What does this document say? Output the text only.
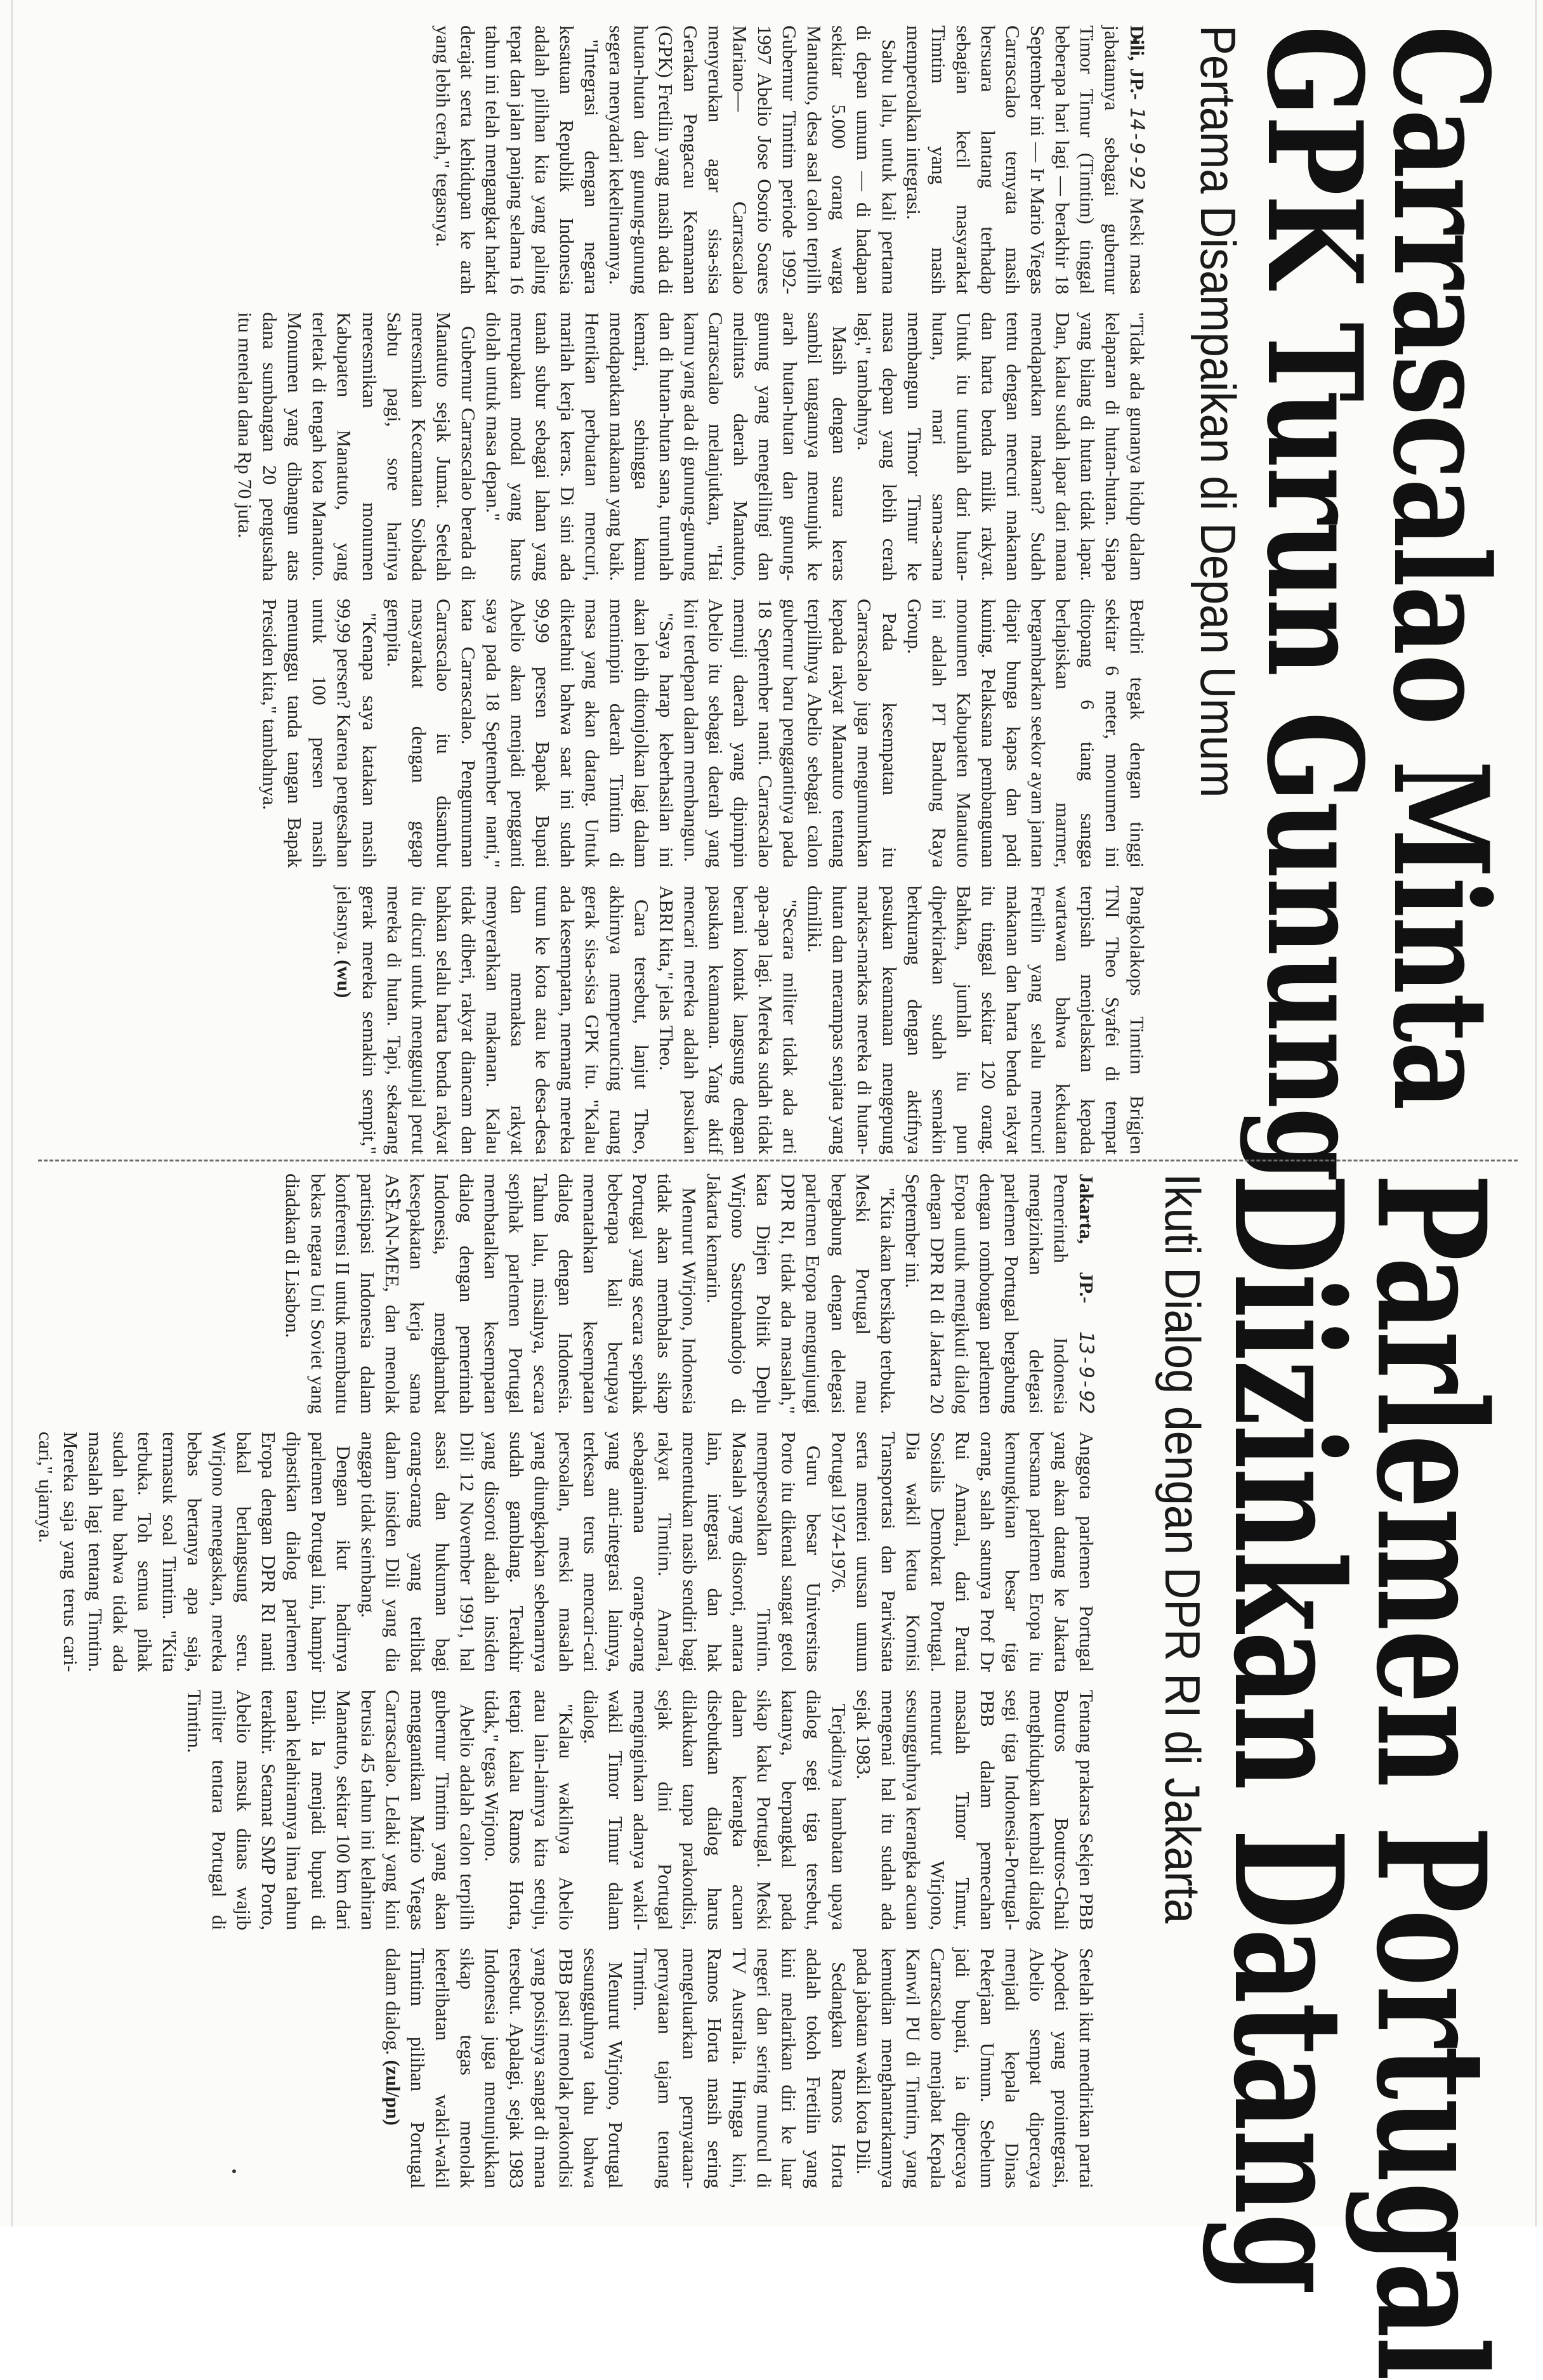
Carrascalao Minta
GPK Turun Gunung
Pertama Disampaikan di Depan Umum

Dili, JP.- 14-9-92 Meski masa jabatannya sebagai gubernur Timor Timur (Timtim) tinggal beberapa hari lagi — berakhir 18 September ini — Ir Mario Viegas Carrascalao ternyata masih bersuara lantang terhadap sebagian kecil masyarakat Timtim yang masih memperoalkan integrasi.

Sabtu lalu, untuk kali pertama di depan umum — di hadapan sekitar 5.000 orang warga Manatuto, desa asal calon terpilih Gubernur Timtim periode 1992-1997 Abelio Jose Osorio Soares Mariano— Carrascalao menyerukan agar sisa-sisa Gerakan Pengacau Keamanan (GPK) Fretilin yang masih ada di hutan-hutan dan gunung-gunung segera menyadari kekeliruannya.

"Integrasi dengan negara kesatuan Republik Indonesia adalah pilihan kita yang paling tepat dan jalan panjang selama 16 tahun ini telah mengangkat harkat derajat serta kehidupan ke arah yang lebih cerah," tegasnya.

"Tidak ada gunanya hidup dalam kelaparan di hutan-hutan. Siapa yang bilang di hutan tidak lapar. Dan, kalau sudah lapar dari mana mendapatkan makanan? Sudah tentu dengan mencuri makanan dan harta benda milik rakyat. Untuk itu turunlah dari hutan-hutan, mari sama-sama membangun Timor Timur ke masa depan yang lebih cerah lagi," tambahnya.

Masih dengan suara keras sambil tangannya menunjuk ke arah hutan-hutan dan gunung-gunung yang mengelilingi dan melintas daerah Manatuto, Carrascalao melanjutkan, "Hai kamu yang ada di gunung-gunung dan di hutan-hutan sana, turunlah kemari, sehingga kamu mendapatkan makanan yang baik. Hentikan perbuatan mencuri, marilah kerja keras. Di sini ada tanah subur sebagai lahan yang merupakan modal yang harus diolah untuk masa depan."

Gubernur Carrascalao berada di Manatuto sejak Jumat. Setelah meresmikan Kecamatan Soibada Sabtu pagi, sore harinya meresmikan monumen Kabupaten Manatuto, yang terletak di tengah kota Manatuto. Monumen yang dibangun atas dana sumbangan 20 pengusaha itu menelan dana Rp 70 juta.

Berdiri tegak dengan tinggi sekitar 6 meter, monumen ini ditopang 6 tiang sangga berlapiskan marmer, bergambarkan seekor ayam jantan diapit bunga kapas dan padi kuning. Pelaksana pembangunan monumen Kabupaten Manatuto ini adalah PT Bandung Raya Group.

Pada kesempatan itu Carrascalao juga mengumumkan kepada rakyat Manatuto tentang terpilihnya Abelio sebagai calon gubernur baru penggantinya pada 18 September nanti. Carrascalao memuji daerah yang dipimpin Abelio itu sebagai daerah yang kini terdepan dalam membangun.

"Saya harap keberhasilan ini akan lebih ditonjolkan lagi dalam memimpin daerah Timtim di masa yang akan datang. Untuk diketahui bahwa saat ini sudah 99,99 persen Bapak Bupati Abelio akan menjadi pengganti saya pada 18 September nanti," kata Carrascalao. Pengumuman Carrascalao itu disambut masyarakat dengan gegap gempita.

"Kenapa saya katakan masih 99,99 persen? Karena pengesahan untuk 100 persen masih menunggu tanda tangan Bapak Presiden kita," tambahnya.

Pangkolakops Timtim Brigjen TNI Theo Syafei di tempat terpisah menjelaskan kepada wartawan bahwa kekuatan Fretilin yang selalu mencuri makanan dan harta benda rakyat itu tinggal sekitar 120 orang. Bahkan, jumlah itu pun diperkirakan sudah semakin berkurang dengan aktifnya pasukan keamanan mengepung markas-markas mereka di hutan-hutan dan merampas senjata yang dimiliki.

"Secara militer tidak ada arti apa-apa lagi. Mereka sudah tidak berani kontak langsung dengan pasukan keamanan. Yang aktif mencari mereka adalah pasukan ABRI kita," jelas Theo.

Cara tersebut, lanjut Theo, akhirnya memperuncing ruang gerak sisa-sisa GPK itu. "Kalau ada kesempatan, memang mereka turun ke kota atau ke desa-desa dan memaksa rakyat menyerahkan makanan. Kalau tidak diberi, rakyat diancam dan bahkan selalu harta benda rakyat itu dicuri untuk menggunjal perut mereka di hutan. Tapi, sekarang gerak mereka semakin sempit," jelasnya. (wu)

Parlemen Portugal
Diizinkan Datang
Ikuti Dialog dengan DPR RI di Jakarta

Jakarta, JP.- 13-9-92 Pemerintah Indonesia mengizinkan delegasi parlemen Portugal bergabung dengan rombongan parlemen Eropa untuk mengikuti dialog dengan DPR RI di Jakarta 20 September ini.

"Kita akan bersikap terbuka. Meski Portugal mau bergabung dengan delegasi parlemen Eropa mengunjungi DPR RI, tidak ada masalah," kata Dirjen Politik Deplu Wirjono Sastrohandojo di Jakarta kemarin.

Menurut Wirjono, Indonesia tidak akan membalas sikap Portugal yang secara sepihak beberapa kali berupaya mematahkan kesempatan dialog dengan Indonesia. Tahun lalu, misalnya, secara sepihak parlemen Portugal membatalkan kesempatan dialog dengan pemerintah Indonesia, menghambat kesepakatan kerja sama ASEAN-MEE, dan menolak partisipasi Indonesia dalam konferensi II untuk membantu bekas negara Uni Soviet yang diadakan di Lisabon.

Anggota parlemen Portugal yang akan datang ke Jakarta bersama parlemen Eropa itu kemungkinan besar tiga orang, salah satunya Prof Dr Rui Amaral, dari Partai Sosialis Demokrat Portugal. Dia wakil ketua Komisi Transportasi dan Pariwisata serta menteri urusan umum Portugal 1974-1976.

Guru besar Universitas Porto itu dikenal sangat getol mempersoalkan Timtim. Masalah yang disoroti, antara lain, integrasi dan hak menentukan nasib sendiri bagi rakyat Timtim. Amaral, sebagaimana orang-orang yang anti-integrasi lainnya, terkesan terus mencari-cari persoalan, meski masalah yang diungkapkan sebenarnya sudah gamblang. Terakhir yang disoroti adalah insiden Dili 12 November 1991, hal asasi dan hukuman bagi orang-orang yang terlibat dalam insiden Dili yang dia anggap tidak seimbang.

Dengan ikut hadirnya parlemen Portugal ini, hampir dipastikan dialog parlemen Eropa dengan DPR RI nanti bakal berlangsung seru. Wirjono menegaskan, mereka bebas bertanya apa saja, termasuk soal Timtim. "Kita terbuka. Toh semua pihak sudah tahu bahwa tidak ada masalah lagi tentang Timtim. Mereka saja yang terus cari-cari," ujarnya.

Tentang prakarsa Sekjen PBB Boutros Boutros-Ghali menghidupkan kembali dialog segi tiga Indonesia-Portugal-PBB dalam pemecahan masalah Timor Timur, menurut Wirjono, sesungguhnya kerangka acuan mengenai hal itu sudah ada sejak 1983.

Terjadinya hambatan upaya dialog segi tiga tersebut, katanya, berpangkal pada sikap kaku Portugal. Meski dalam kerangka acuan disebutkan dialog harus dilakukan tanpa prakondisi, sejak dini Portugal menginginkan adanya wakil-wakil Timor Timur dalam dialog.

"Kalau wakilnya Abelio atau lain-lainnya kita setuju, tetapi kalau Ramos Horta, tidak," tegas Wirjono.

Abelio adalah calon terpilih gubernur Timtim yang akan menggantikan Mario Viegas Carrascalao. Lelaki yang kini berusia 45 tahun ini kelahiran Manatuto, sekitar 100 km dari Dili. Ia menjadi bupati di tanah kelahirannya lima tahun terakhir. Setamat SMP Porto, Abelio masuk dinas wajib militer tentara Portugal di Timtim.

Setelah ikut mendirikan partai Apodeti yang prointegrasi, Abelio sempat dipercaya menjadi kepala Dinas Pekerjaan Umum. Sebelum jadi bupati, ia dipercaya Carrascalao menjabat Kepala Kanwil PU di Timtim, yang kemudian menghantarkannya pada jabatan wakil kota Dili.

Sedangkan Ramos Horta adalah tokoh Fretilin yang kini melarikan diri ke luar negeri dan sering muncul di TV Australia. Hingga kini, Ramos Horta masih sering mengeluarkan pernyataan-pernyataan tajam tentang Timtim.

Menurut Wirjono, Portugal sesungguhnya tahu bahwa PBB pasti menolak prakondisi yang posisinya sangat di mana tersebut. Apalagi, sejak 1983 Indonesia juga menunjukkan sikap tegas menolak keterlibatan wakil-wakil Timtim pilihan Portugal dalam dialog. (zul/pn)
